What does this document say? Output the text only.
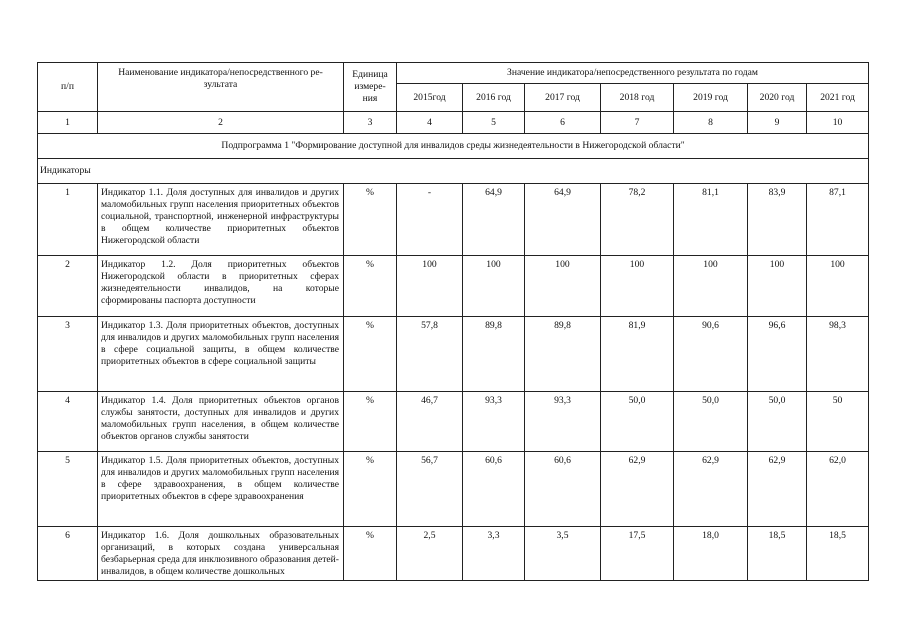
п/п	Наименование индикатора/непосредственного ре-зультата	Единица измере-ния	Значение индикатора/непосредственного результата по годам						
			2015год	2016 год	2017 год	2018 год	2019 год	2020 год	2021 год
1	2	3	4	5	6	7	8	9	10
Подпрограмма 1 "Формирование доступной для инвалидов среды жизнедеятельности в Нижегородской области"									
Индикаторы									
1	Индикатор 1.1. Доля доступных для инвалидов и других маломобильных групп населения приоритетных объектов социальной, транспортной, инженерной инфраструктуры в общем количестве приоритетных объектов Нижегородской области	%	-	64,9	64,9	78,2	81,1	83,9	87,1
2	Индикатор 1.2. Доля приоритетных объектов Нижегородской области в приоритетных сферах жизнедеятельности инвалидов, на которые сформированы паспорта доступности	%	100	100	100	100	100	100	100
3	Индикатор 1.3. Доля приоритетных объектов, доступных для инвалидов и других маломобильных групп населения в сфере социальной защиты, в общем количестве приоритетных объектов в сфере социальной защиты	%	57,8	89,8	89,8	81,9	90,6	96,6	98,3
4	Индикатор 1.4. Доля приоритетных объектов органов службы занятости, доступных для инвалидов и других маломобильных групп населения, в общем количестве объектов органов службы занятости	%	46,7	93,3	93,3	50,0	50,0	50,0	50
5	Индикатор 1.5. Доля приоритетных объектов, доступных для инвалидов и других маломобильных групп населения в сфере здравоохранения, в общем количестве приоритетных объектов в сфере здравоохранения	%	56,7	60,6	60,6	62,9	62,9	62,9	62,0
6	Индикатор 1.6. Доля дошкольных образовательных организаций, в которых создана универсальная безбарьерная среда для инклюзивного образования детей-инвалидов, в общем количестве дошкольных	%	2,5	3,3	3,5	17,5	18,0	18,5	18,5
